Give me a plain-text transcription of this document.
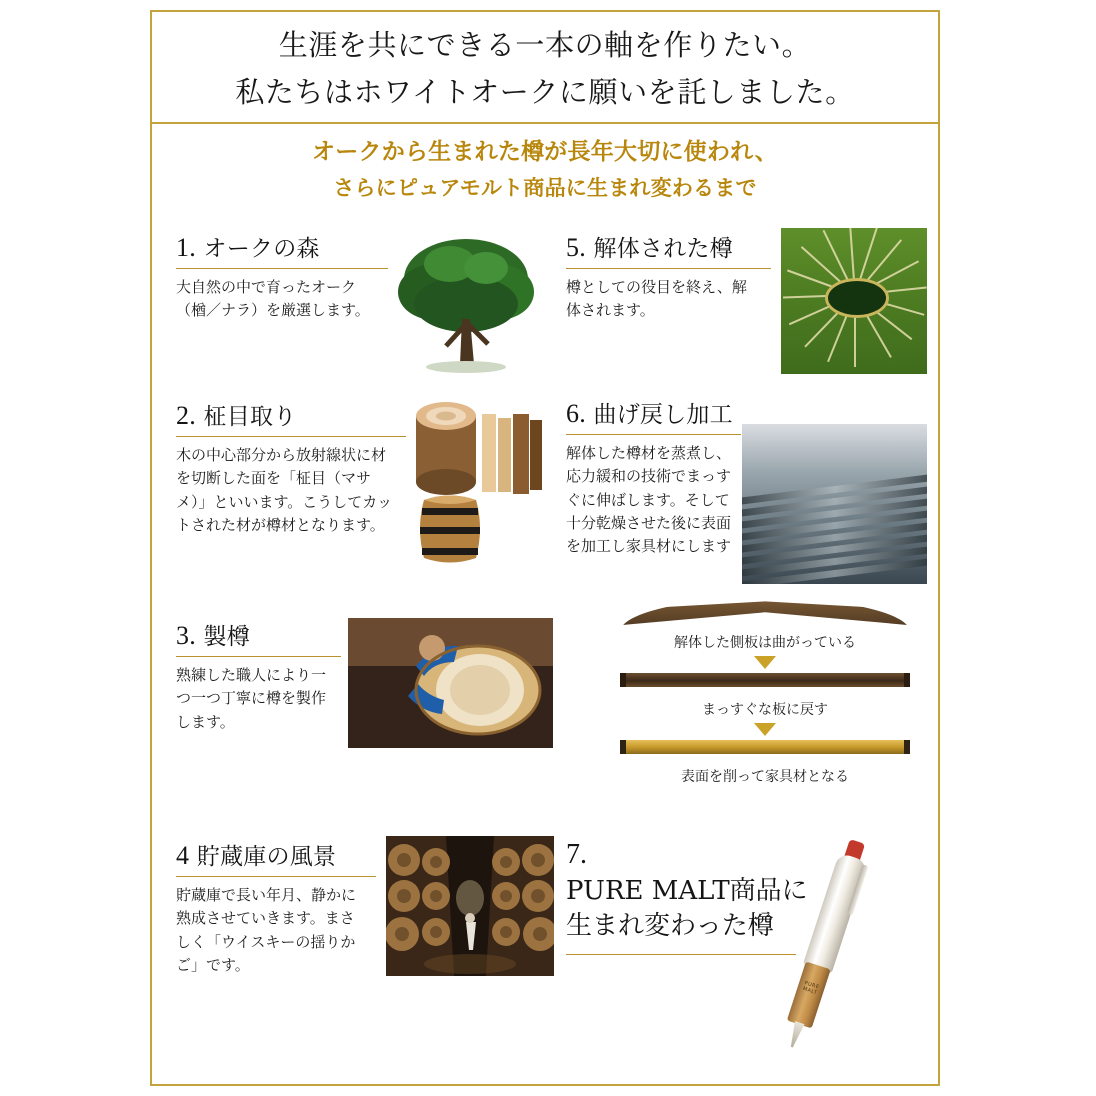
生涯を共にできる一本の軸を作りたい。
私たちはホワイトオークに願いを託しました。
オークから生まれた樽が長年大切に使われ、
さらにピュアモルト商品に生まれ変わるまで
1. オークの森
大自然の中で育ったオーク（楢／ナラ）を厳選します。
5. 解体された樽
樽としての役目を終え、解体されます。
2. 柾目取り
木の中心部分から放射線状に材を切断した面を「柾目（マサメ）」といいます。こうしてカットされた材が樽材となります。
6. 曲げ戻し加工
解体した樽材を蒸煮し、応力緩和の技術でまっすぐに伸ばします。そして十分乾燥させた後に表面を加工し家具材にします
解体した側板は曲がっている
まっすぐな板に戻す
表面を削って家具材となる
3. 製樽
熟練した職人により一つ一つ丁寧に樽を製作します。
4 貯蔵庫の風景
貯蔵庫で長い年月、静かに熟成させていきます。まさしく「ウイスキーの揺りかご」です。
7.
PURE MALT商品に
生まれ変わった樽
PURE MALT
